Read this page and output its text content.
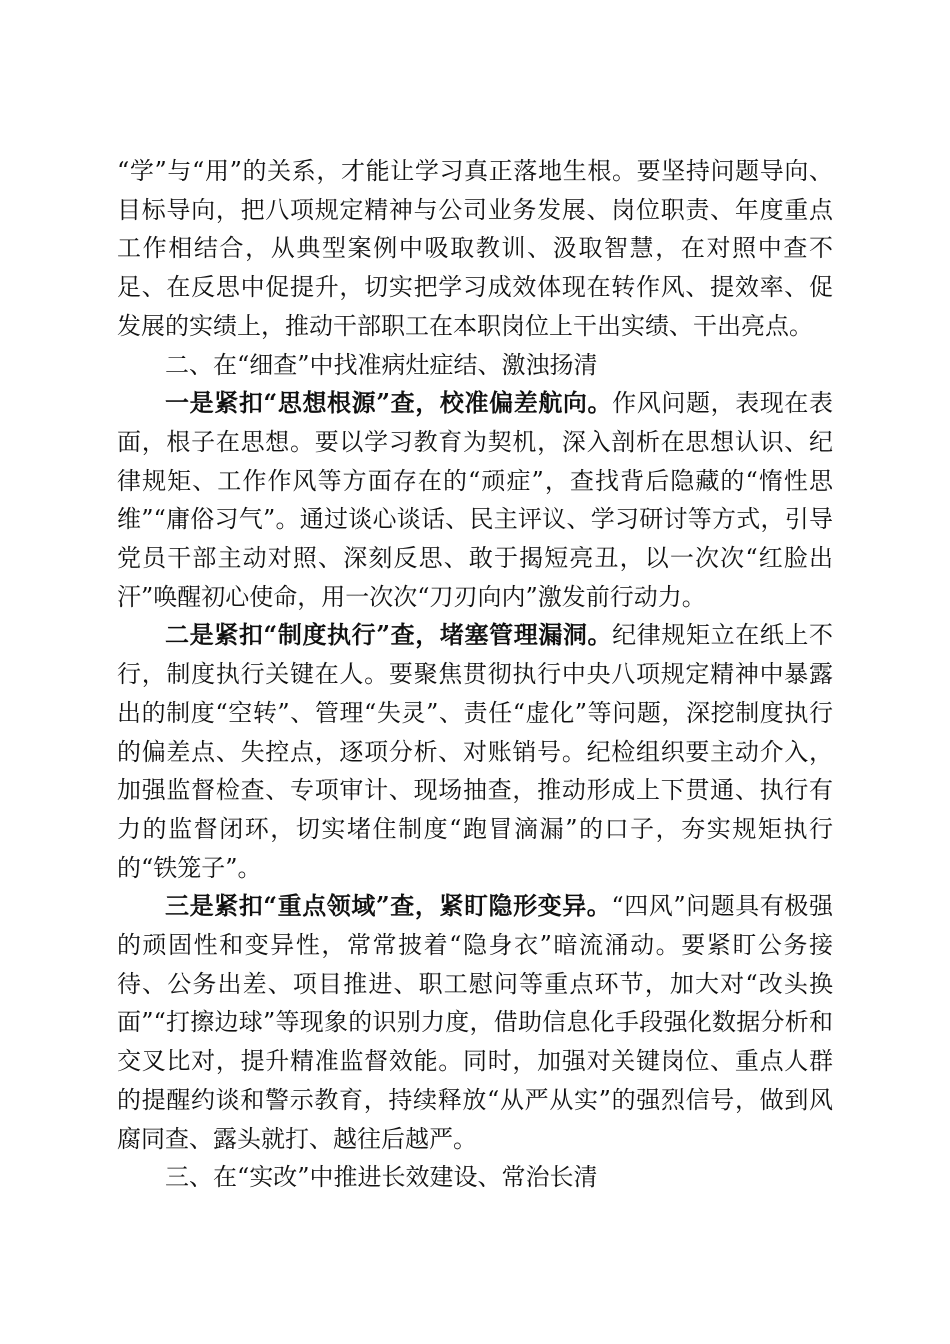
“学”与“用”的关系，才能让学习真正落地生根。要坚持问题导向、目标导向，把八项规定精神与公司业务发展、岗位职责、年度重点工作相结合，从典型案例中吸取教训、汲取智慧，在对照中查不足、在反思中促提升，切实把学习成效体现在转作风、提效率、促发展的实绩上，推动干部职工在本职岗位上干出实绩、干出亮点。

二、在“细查”中找准病灶症结、激浊扬清

一是紧扣“思想根源”查，校准偏差航向。作风问题，表现在表面，根子在思想。要以学习教育为契机，深入剖析在思想认识、纪律规矩、工作作风等方面存在的“顽症”，查找背后隐藏的“惰性思维”“庸俗习气”。通过谈心谈话、民主评议、学习研讨等方式，引导党员干部主动对照、深刻反思、敢于揭短亮丑，以一次次“红脸出汗”唤醒初心使命，用一次次“刀刃向内”激发前行动力。

二是紧扣“制度执行”查，堵塞管理漏洞。纪律规矩立在纸上不行，制度执行关键在人。要聚焦贯彻执行中央八项规定精神中暴露出的制度“空转”、管理“失灵”、责任“虚化”等问题，深挖制度执行的偏差点、失控点，逐项分析、对账销号。纪检组织要主动介入，加强监督检查、专项审计、现场抽查，推动形成上下贯通、执行有力的监督闭环，切实堵住制度“跑冒滴漏”的口子，夯实规矩执行的“铁笼子”。

三是紧扣“重点领域”查，紧盯隐形变异。“四风”问题具有极强的顽固性和变异性，常常披着“隐身衣”暗流涌动。要紧盯公务接待、公务出差、项目推进、职工慰问等重点环节，加大对“改头换面”“打擦边球”等现象的识别力度，借助信息化手段强化数据分析和交叉比对，提升精准监督效能。同时，加强对关键岗位、重点人群的提醒约谈和警示教育，持续释放“从严从实”的强烈信号，做到风腐同查、露头就打、越往后越严。

三、在“实改”中推进长效建设、常治长清
